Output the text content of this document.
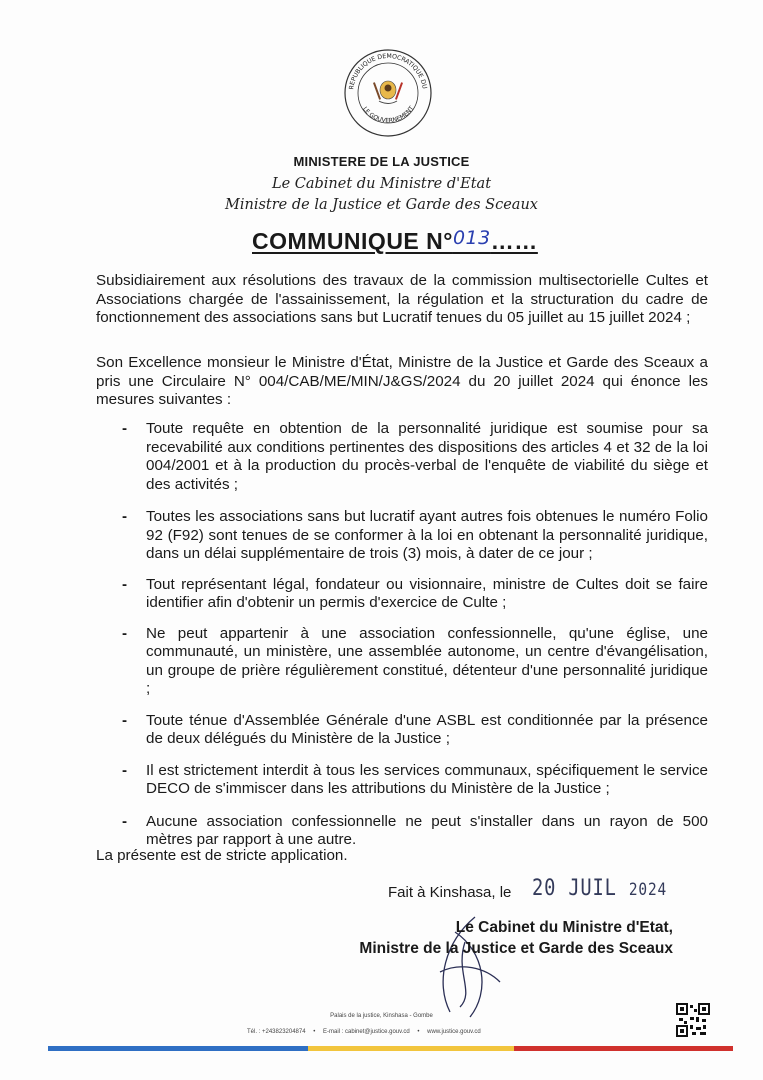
REPUBLIQUE DEMOCRATIQUE DU
LE GOUVERNEMENT
MINISTERE DE LA JUSTICE
Le Cabinet du Ministre d'Etat
Ministre de la Justice et Garde des Sceaux
COMMUNIQUE N°$^{013}$……
Subsidiairement aux résolutions des travaux de la commission multisectorielle Cultes et Associations chargée de l'assainissement, la régulation et la structuration du cadre de fonctionnement des associations sans but Lucratif tenues du 05 juillet au 15 juillet 2024 ;
Son Excellence monsieur le Ministre d'État, Ministre de la Justice et Garde des Sceaux a pris une Circulaire N° 004/CAB/ME/MIN/J&GS/2024 du 20 juillet 2024 qui énonce les mesures suivantes :
- Toute requête en obtention de la personnalité juridique est soumise pour sa recevabilité aux conditions pertinentes des dispositions des articles 4 et 32 de la loi 004/2001 et à la production du procès-verbal de l'enquête de viabilité du siège et des activités ;
- Toutes les associations sans but lucratif ayant autres fois obtenues le numéro Folio 92 (F92) sont tenues de se conformer à la loi en obtenant la personnalité juridique, dans un délai supplémentaire de trois (3) mois, à dater de ce jour ;
- Tout représentant légal, fondateur ou visionnaire, ministre de Cultes doit se faire identifier afin d'obtenir un permis d'exercice de Culte ;
- Ne peut appartenir à une association confessionnelle, qu'une église, une communauté, un ministère, une assemblée autonome, un centre d'évangélisation, un groupe de prière régulièrement constitué, détenteur d'une personnalité juridique ;
- Toute ténue d'Assemblée Générale d'une ASBL est conditionnée par la présence de deux délégués du Ministère de la Justice ;
- Il est strictement interdit à tous les services communaux, spécifiquement le service DECO de s'immiscer dans les attributions du Ministère de la Justice ;
- Aucune association confessionnelle ne peut s'installer dans un rayon de 500 mètres par rapport à une autre.
La présente est de stricte application.
Fait à Kinshasa, le 20 JUIL 2024
Le Cabinet du Ministre d'Etat,
Ministre de la Justice et Garde des Sceaux
Palais de la justice, Kinshasa - Gombe
Tél. : +243823204874 • E-mail : cabinet@justice.gouv.cd • www.justice.gouv.cd
